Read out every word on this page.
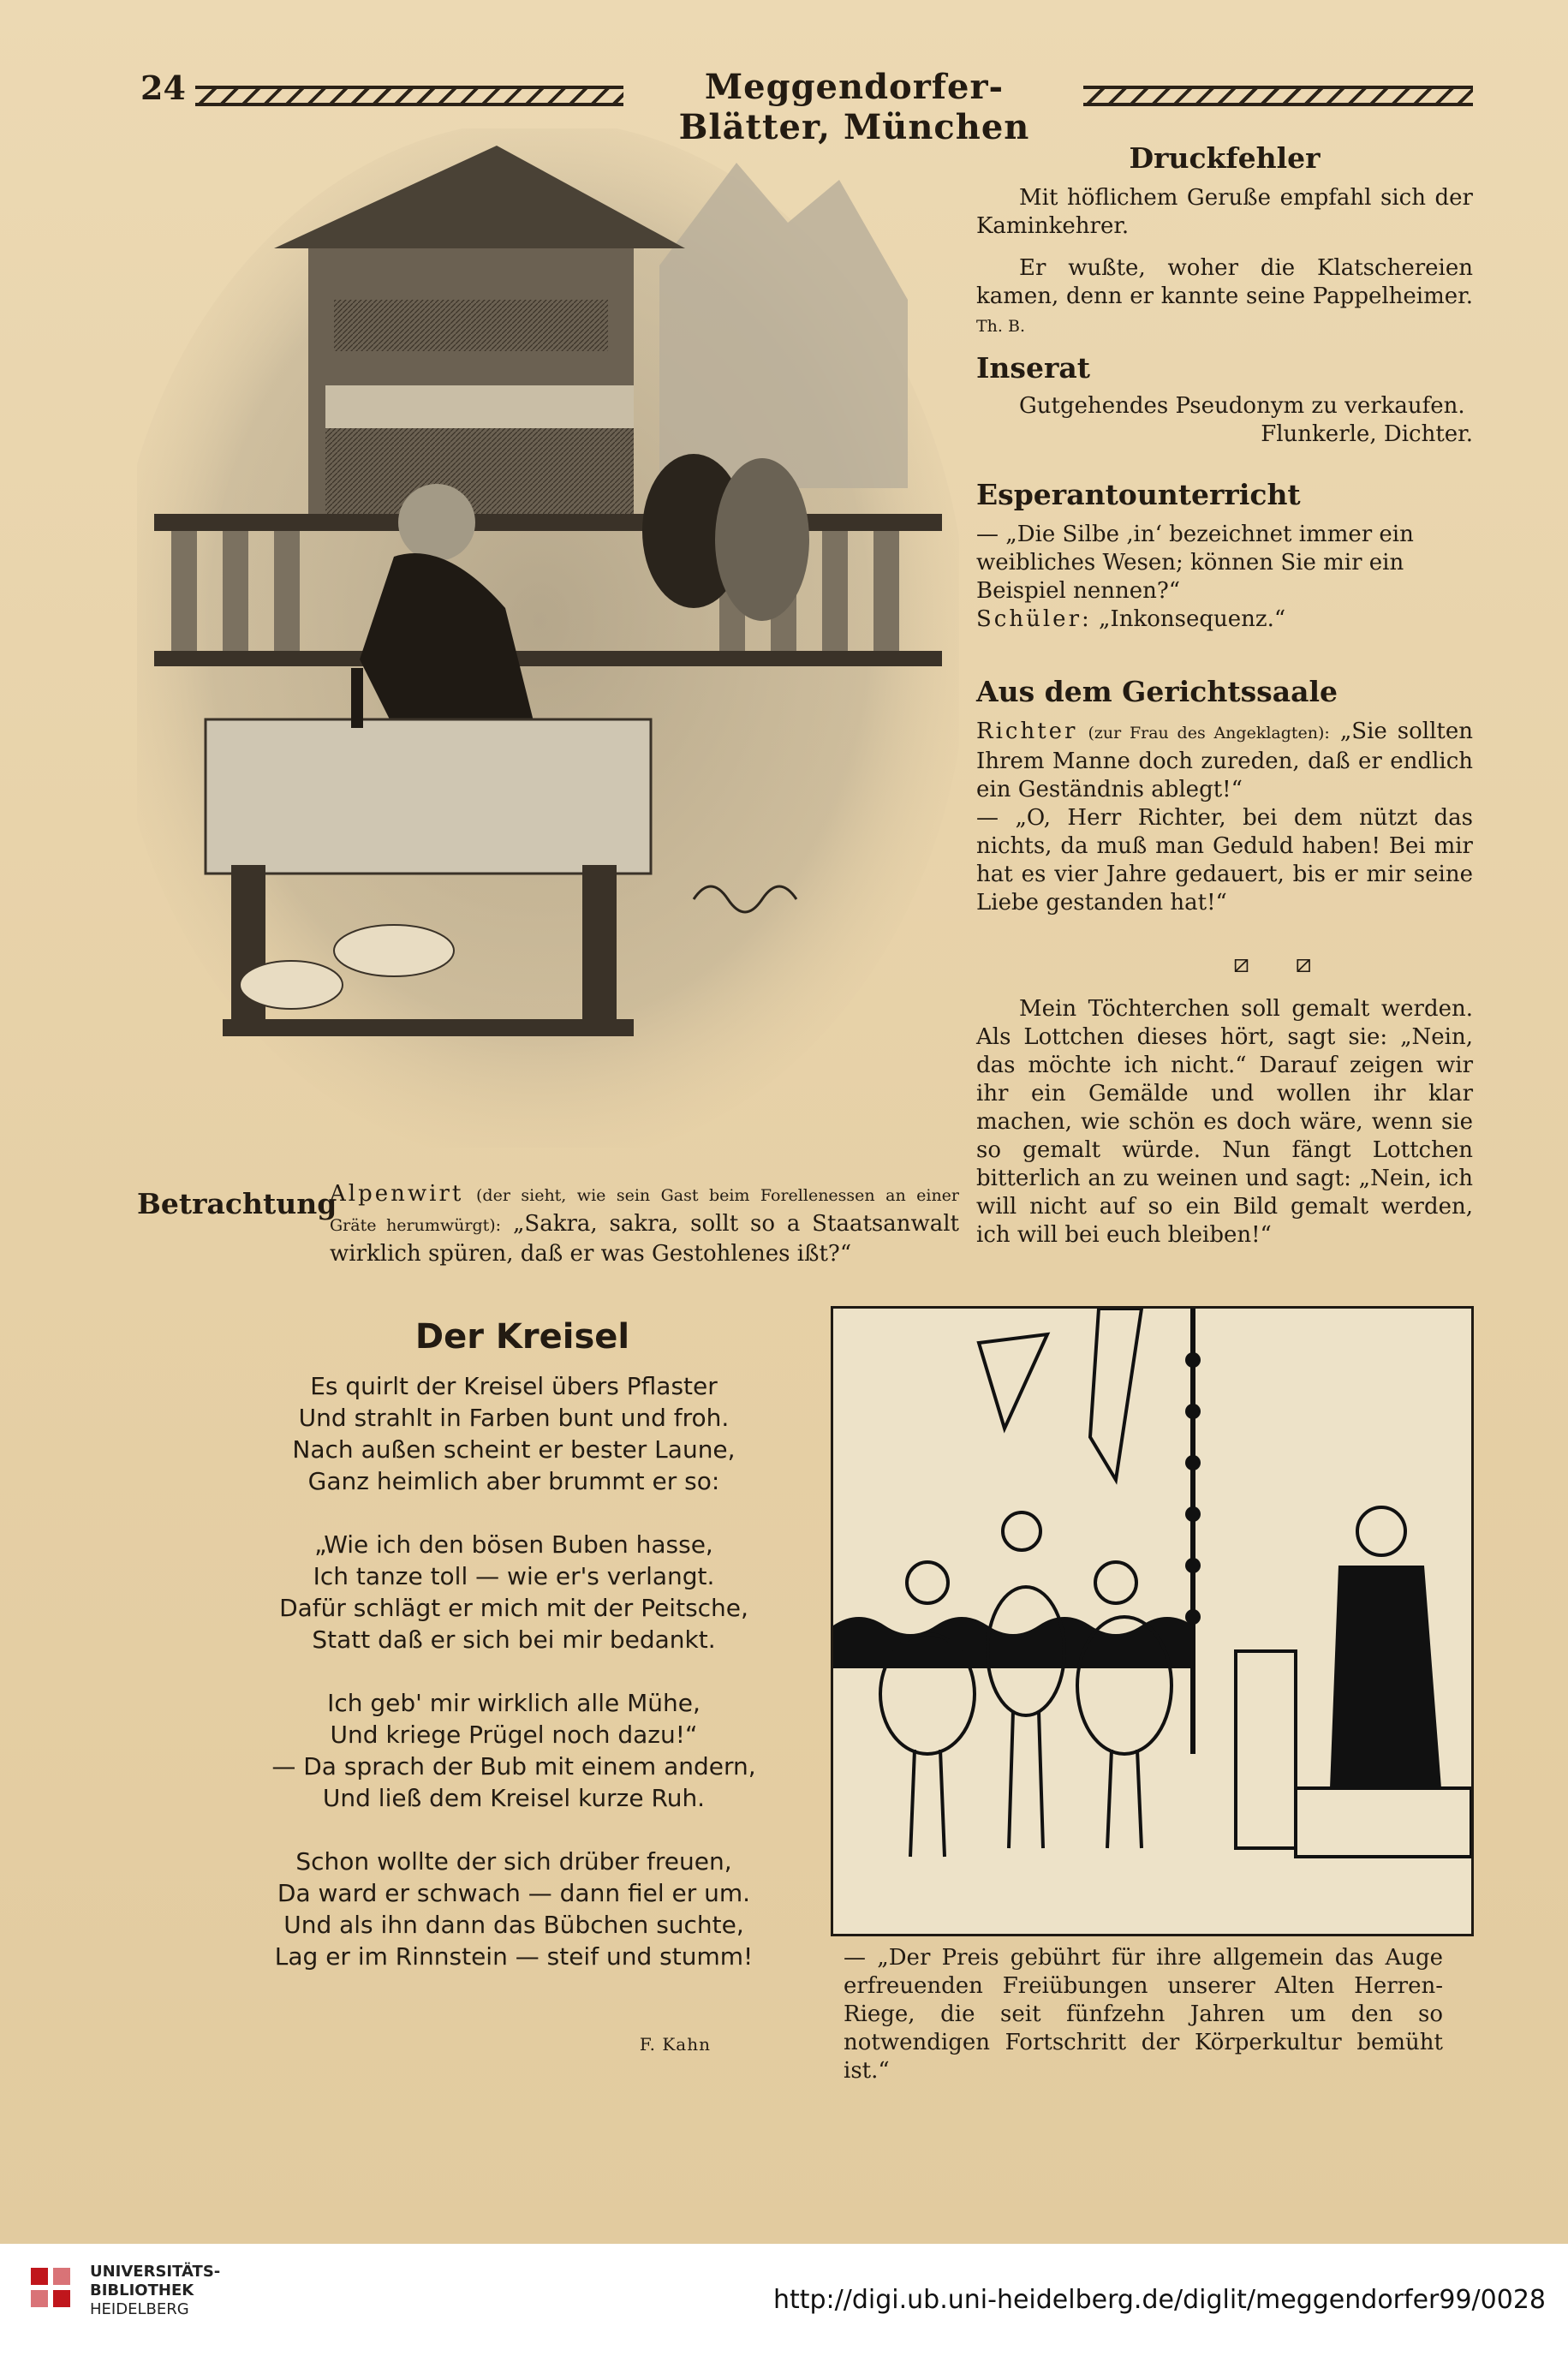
24	Meggendorfer-Blätter, München
Betrachtung
Alpenwirt (der sieht, wie sein Gast beim Forellenessen an einer Gräte herumwürgt): „Sakra, sakra, sollt so a Staatsanwalt wirklich spüren, daß er was Gestohlenes ißt?“
Druckfehler

Mit höflichem Geruße empfahl sich der Kaminkehrer.

Er wußte, woher die Klatschereien kamen, denn er kannte seine Pappelheimer. Th. B.

Inserat

Gutgehendes Pseudonym zu verkaufen.

Flunkerle, Dichter.

Esperantounterricht

— „Die Silbe ‚in‘ bezeichnet immer ein weibliches Wesen; können Sie mir ein Beispiel nennen?“

Schüler: „Inkonsequenz.“

Aus dem Gerichtssaale

Richter (zur Frau des Angeklagten): „Sie sollten Ihrem Manne doch zureden, daß er endlich ein Geständnis ablegt!“

— „O, Herr Richter, bei dem nützt das nichts, da muß man Geduld haben! Bei mir hat es vier Jahre gedauert, bis er mir seine Liebe gestanden hat!“

⧄ ⧄

Mein Töchterchen soll gemalt werden. Als Lottchen dieses hört, sagt sie: „Nein, das möchte ich nicht.“ Darauf zeigen wir ihr ein Gemälde und wollen ihr klar machen, wie schön es doch wäre, wenn sie so gemalt würde. Nun fängt Lottchen bitterlich an zu weinen und sagt: „Nein, ich will nicht auf so ein Bild gemalt werden, ich will bei euch bleiben!“

Der Kreisel
Es quirlt der Kreisel übers Pflaster
Und strahlt in Farben bunt und froh.
Nach außen scheint er bester Laune,
Ganz heimlich aber brummt er so:
„Wie ich den bösen Buben hasse,
Ich tanze toll — wie er's verlangt.
Dafür schlägt er mich mit der Peitsche,
Statt daß er sich bei mir bedankt.
Ich geb' mir wirklich alle Mühe,
Und kriege Prügel noch dazu!“
— Da sprach der Bub mit einem andern,
Und ließ dem Kreisel kurze Ruh.
Schon wollte der sich drüber freuen,
Da ward er schwach — dann fiel er um.
Und als ihn dann das Bübchen suchte,
Lag er im Rinnstein — steif und stumm!
F. Kahn

— „Der Preis gebührt für ihre allgemein das Auge erfreuenden Freiübungen unserer Alten Herren-Riege, die seit fünfzehn Jahren um den so notwendigen Fortschritt der Körperkultur bemüht ist.“

UNIVERSITÄTS-
BIBLIOTHEK
HEIDELBERG	http://digi.ub.uni-heidelberg.de/diglit/meggendorfer99/0028
